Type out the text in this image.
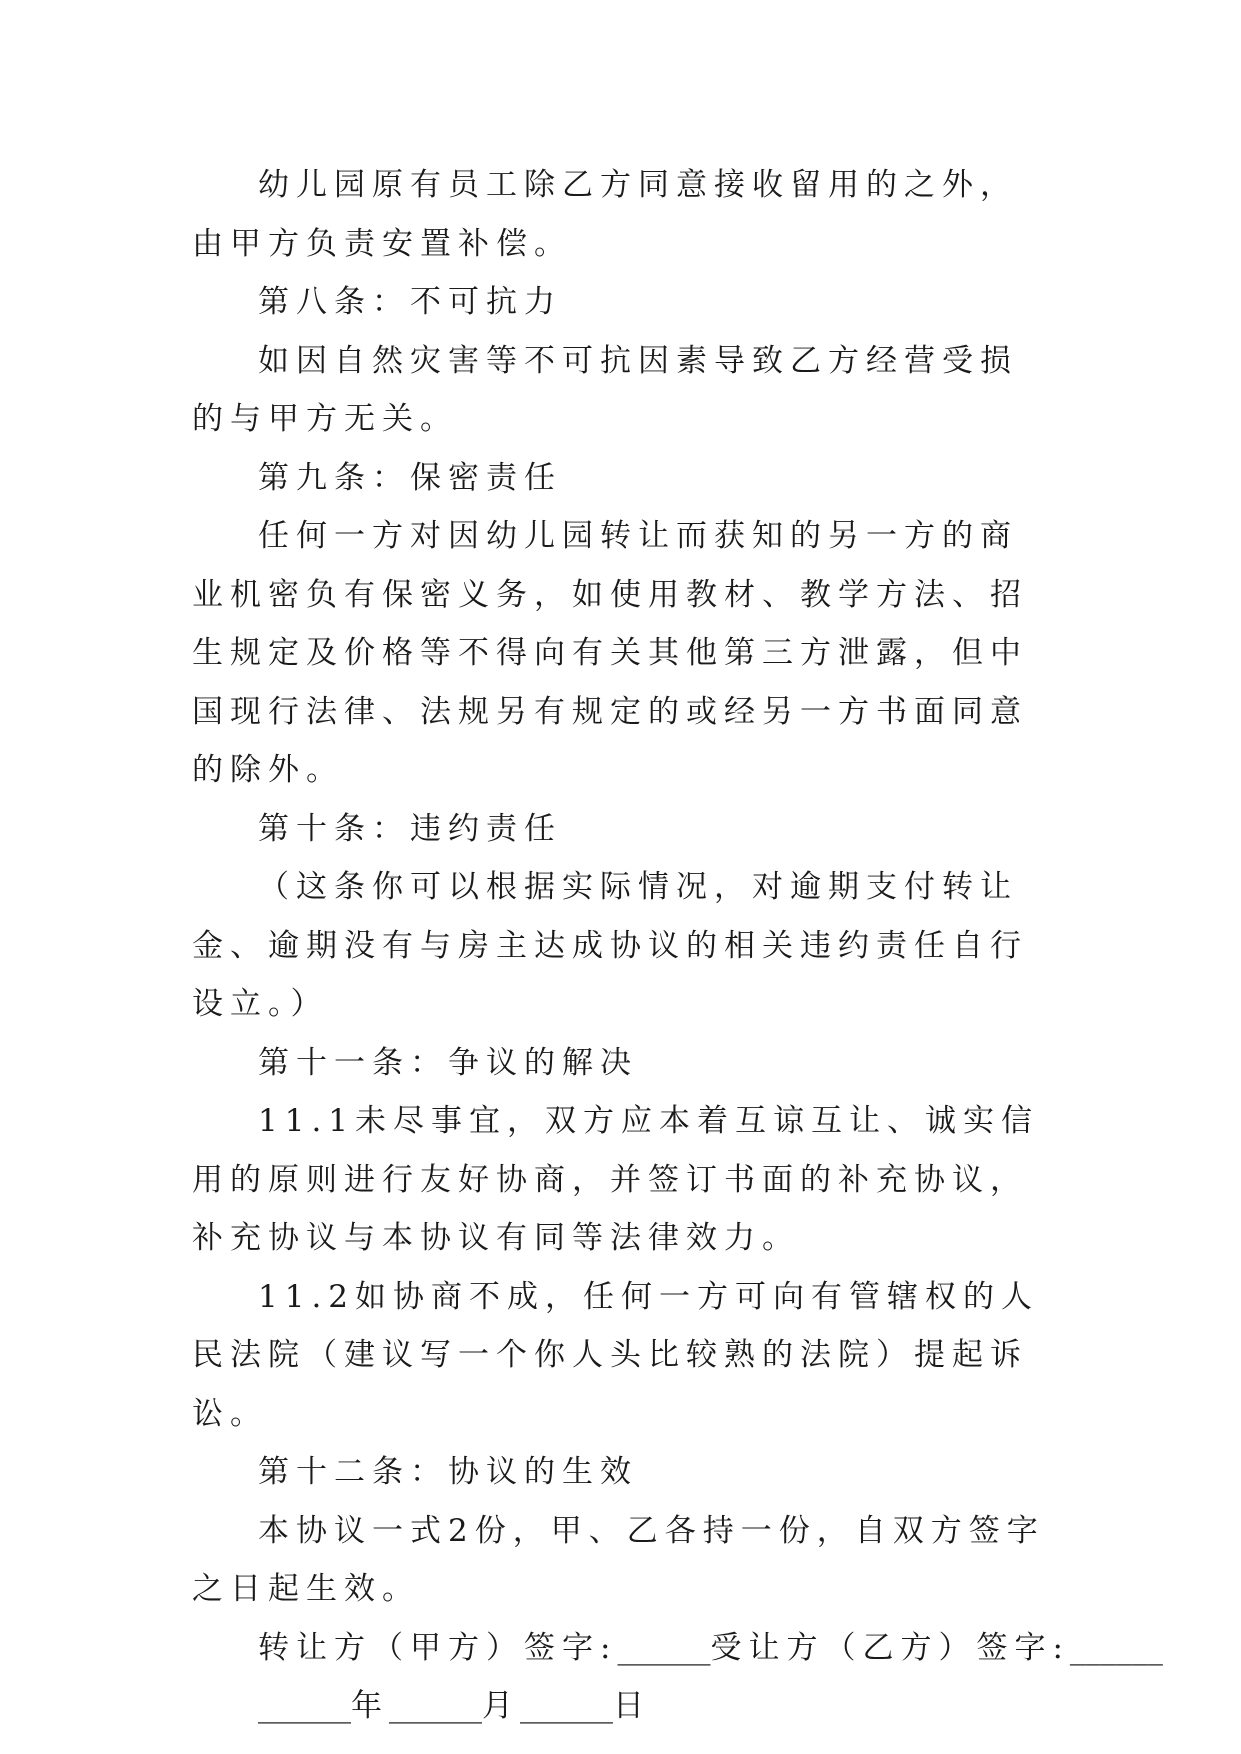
幼儿园原有员工除乙方同意接收留用的之外，由甲方负责安置补偿。

第八条：不可抗力

如因自然灾害等不可抗因素导致乙方经营受损的与甲方无关。

第九条：保密责任

任何一方对因幼儿园转让而获知的另一方的商业机密负有保密义务，如使用教材、教学方法、招生规定及价格等不得向有关其他第三方泄露，但中国现行法律、法规另有规定的或经另一方书面同意的除外。

第十条：违约责任

（这条你可以根据实际情况，对逾期支付转让金、逾期没有与房主达成协议的相关违约责任自行设立。）

第十一条：争议的解决

11.1未尽事宜，双方应本着互谅互让、诚实信用的原则进行友好协商，并签订书面的补充协议，补充协议与本协议有同等法律效力。

11.2如协商不成，任何一方可向有管辖权的人民法院（建议写一个你人头比较熟的法院）提起诉讼。

第十二条：协议的生效

本协议一式2份，甲、乙各持一份，自双方签字之日起生效。

转让方（甲方）签字:______受让方（乙方）签字:______
______年______月______日
